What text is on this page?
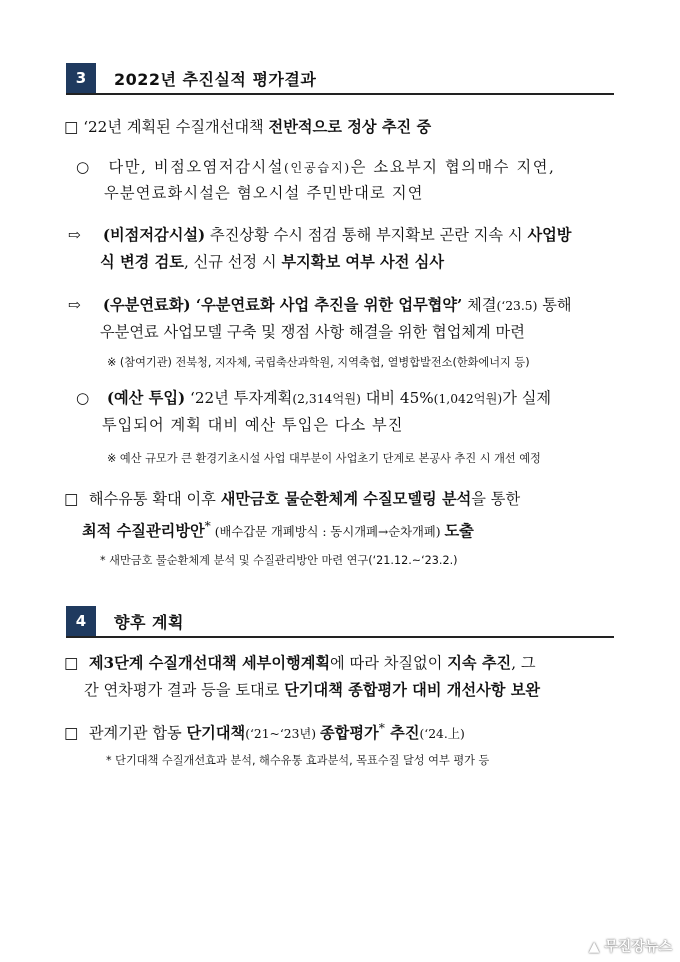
3	2022년 추진실적 평가결과
□ ‘22년 계획된 수질개선대책 전반적으로 정상 추진 중
○ 다만, 비점오염저감시설(인공습지)은 소요부지 협의매수 지연,
우분연료화시설은 혐오시설 주민반대로 지연
⇨ (비점저감시설) 추진상황 수시 점검 통해 부지확보 곤란 지속 시 사업방
식 변경 검토, 신규 선정 시 부지확보 여부 사전 심사
⇨ (우분연료화) ‘우분연료화 사업 추진을 위한 업무협약’ 체결(‘23.5) 통해
우분연료 사업모델 구축 및 쟁점 사항 해결을 위한 협업체계 마련
※ (참여기관) 전북청, 지자체, 국립축산과학원, 지역축협, 열병합발전소(한화에너지 등)
○ (예산 투입) ‘22년 투자계획(2,314억원) 대비 45%(1,042억원)가 실제
투입되어 계획 대비 예산 투입은 다소 부진
※ 예산 규모가 큰 환경기초시설 사업 대부분이 사업초기 단계로 본공사 추진 시 개선 예정
□ 해수유통 확대 이후 새만금호 물순환체계 수질모델링 분석을 통한
최적 수질관리방안* (배수갑문 개폐방식 : 동시개폐→순차개폐) 도출
* 새만금호 물순환체계 분석 및 수질관리방안 마련 연구(‘21.12.~‘23.2.)
4	향후 계획
□ 제3단계 수질개선대책 세부이행계획에 따라 차질없이 지속 추진, 그
간 연차평가 결과 등을 토대로 단기대책 종합평가 대비 개선사항 보완
□ 관계기관 합동 단기대책(‘21~‘23년) 종합평가* 추진(‘24.上)
* 단기대책 수질개선효과 분석, 해수유통 효과분석, 목표수질 달성 여부 평가 등
▲ 무진장뉴스
